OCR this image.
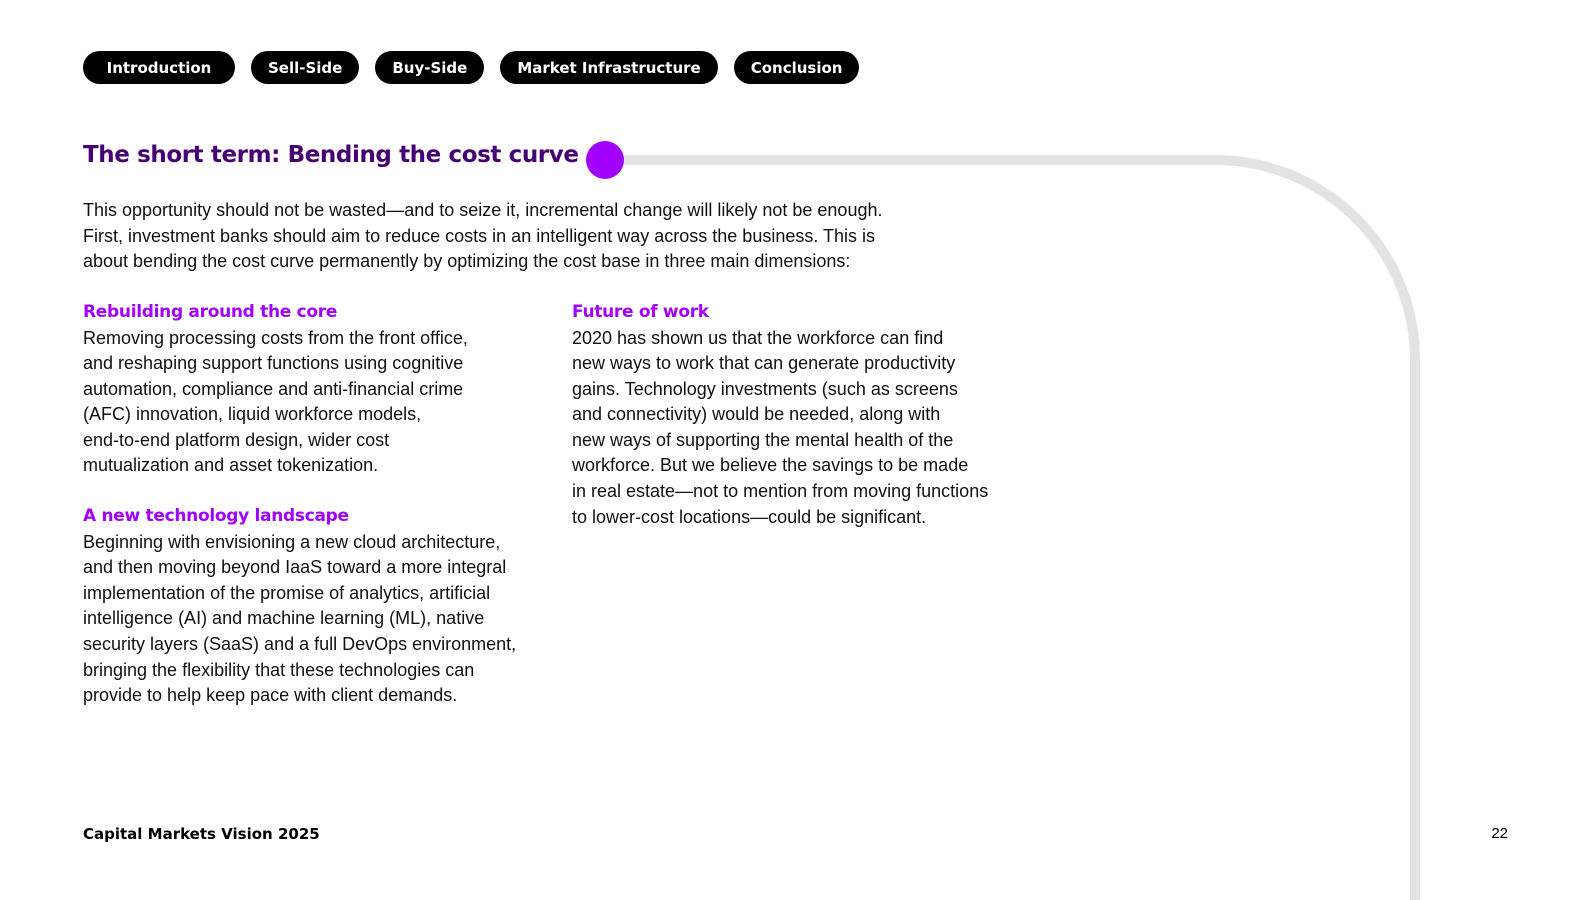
Introduction	Sell-Side	Buy-Side	Market Infrastructure	Conclusion
The short term: Bending the cost curve
This opportunity should not be wasted—and to seize it, incremental change will likely not be enough.
First, investment banks should aim to reduce costs in an intelligent way across the business. This is
about bending the cost curve permanently by optimizing the cost base in three main dimensions:
Rebuilding around the core
Removing processing costs from the front office,
and reshaping support functions using cognitive
automation, compliance and anti-financial crime
(AFC) innovation, liquid workforce models,
end-to-end platform design, wider cost
mutualization and asset tokenization.
A new technology landscape
Beginning with envisioning a new cloud architecture,
and then moving beyond IaaS toward a more integral
implementation of the promise of analytics, artificial
intelligence (AI) and machine learning (ML), native
security layers (SaaS) and a full DevOps environment,
bringing the flexibility that these technologies can
provide to help keep pace with client demands.
Future of work
2020 has shown us that the workforce can find
new ways to work that can generate productivity
gains. Technology investments (such as screens
and connectivity) would be needed, along with
new ways of supporting the mental health of the
workforce. But we believe the savings to be made
in real estate—not to mention from moving functions
to lower-cost locations—could be significant.
Capital Markets Vision 2025	22
